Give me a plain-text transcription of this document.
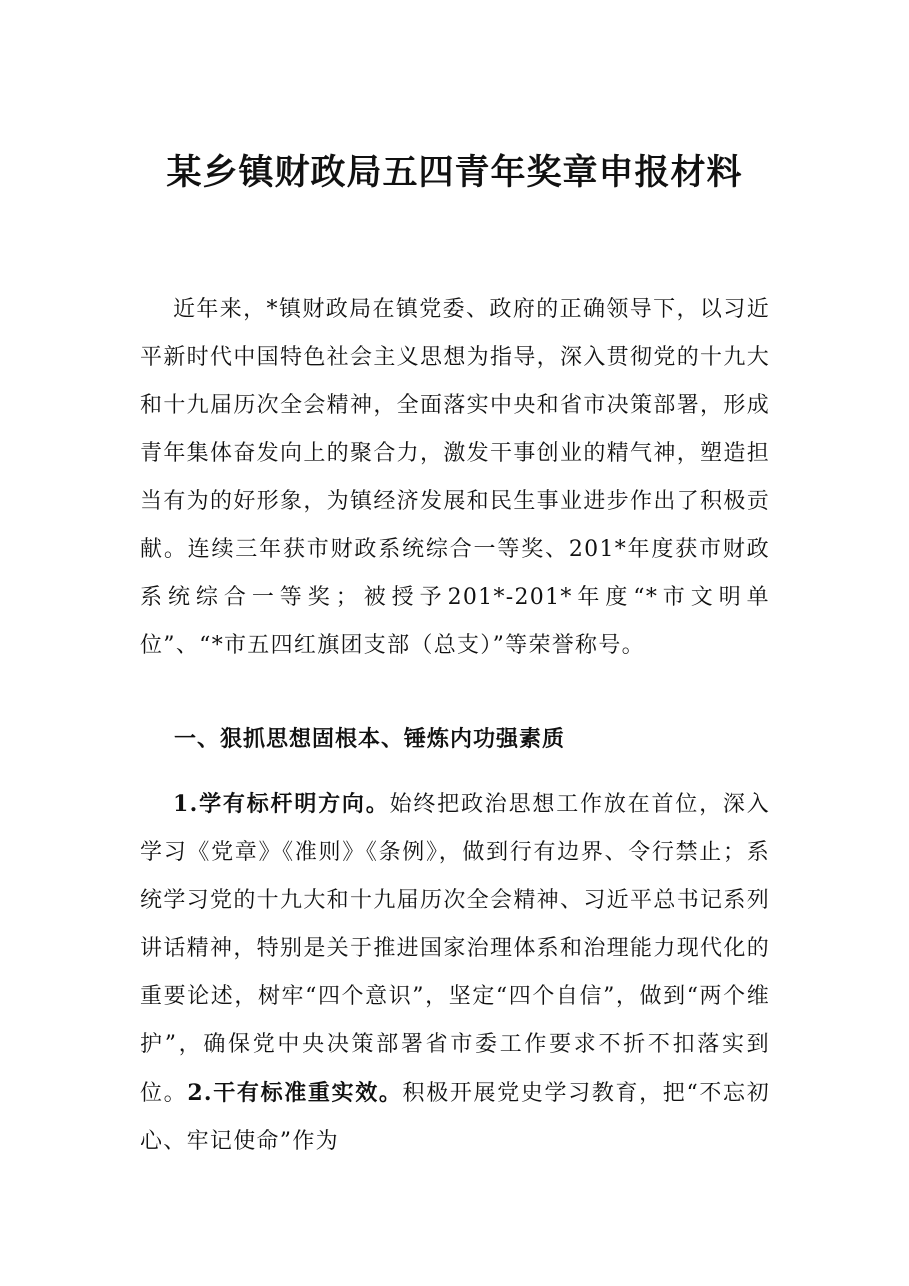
某乡镇财政局五四青年奖章申报材料

近年来，*镇财政局在镇党委、政府的正确领导下，以习近平新时代中国特色社会主义思想为指导，深入贯彻党的十九大和十九届历次全会精神，全面落实中央和省市决策部署，形成青年集体奋发向上的聚合力，激发干事创业的精气神，塑造担当有为的好形象，为镇经济发展和民生事业进步作出了积极贡献。连续三年获市财政系统综合一等奖、201*年度获市财政系统综合一等奖；被授予201*-201*年度“*市文明单位”、“*市五四红旗团支部（总支）”等荣誉称号。

一、狠抓思想固根本、锤炼内功强素质

1.学有标杆明方向。始终把政治思想工作放在首位，深入学习《党章》《准则》《条例》，做到行有边界、令行禁止；系统学习党的十九大和十九届历次全会精神、习近平总书记系列讲话精神，特别是关于推进国家治理体系和治理能力现代化的重要论述，树牢“四个意识”，坚定“四个自信”，做到“两个维护”，确保党中央决策部署省市委工作要求不折不扣落实到位。2.干有标准重实效。积极开展党史学习教育，把“不忘初心、牢记使命”作为
